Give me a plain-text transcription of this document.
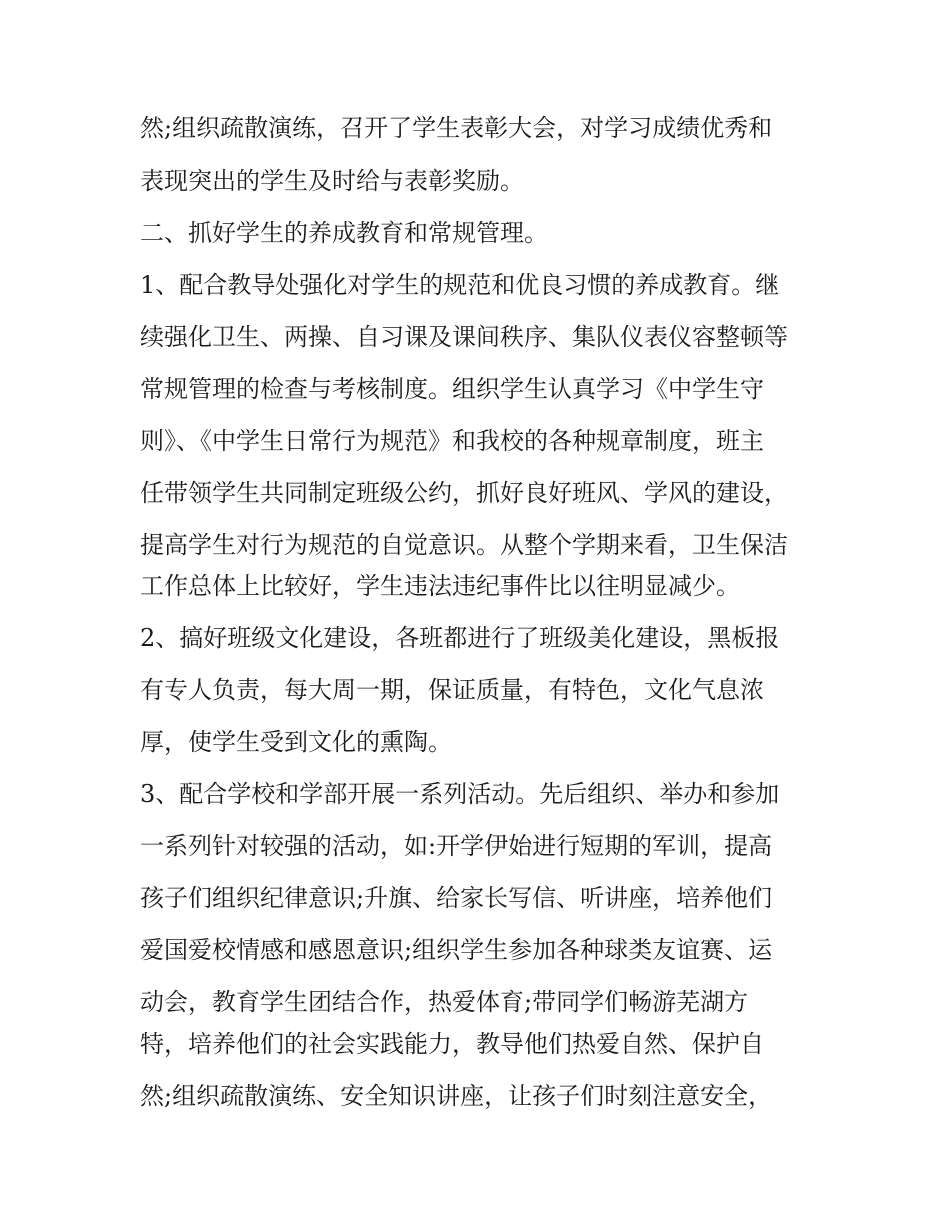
然;组织疏散演练，召开了学生表彰大会，对学习成绩优秀和
表现突出的学生及时给与表彰奖励。
二、抓好学生的养成教育和常规管理。
1、配合教导处强化对学生的规范和优良习惯的养成教育。继
续强化卫生、两操、自习课及课间秩序、集队仪表仪容整顿等
常规管理的检查与考核制度。组织学生认真学习《中学生守
则》、《中学生日常行为规范》和我校的各种规章制度，班主
任带领学生共同制定班级公约，抓好良好班风、学风的建设，
提高学生对行为规范的自觉意识。从整个学期来看，卫生保洁
工作总体上比较好，学生违法违纪事件比以往明显减少。
2、搞好班级文化建设，各班都进行了班级美化建设，黑板报
有专人负责，每大周一期，保证质量，有特色，文化气息浓
厚，使学生受到文化的熏陶。
3、配合学校和学部开展一系列活动。先后组织、举办和参加
一系列针对较强的活动，如:开学伊始进行短期的军训，提高
孩子们组织纪律意识;升旗、给家长写信、听讲座，培养他们
爱国爱校情感和感恩意识;组织学生参加各种球类友谊赛、运
动会，教育学生团结合作，热爱体育;带同学们畅游芜湖方
特，培养他们的社会实践能力，教导他们热爱自然、保护自
然;组织疏散演练、安全知识讲座，让孩子们时刻注意安全，
